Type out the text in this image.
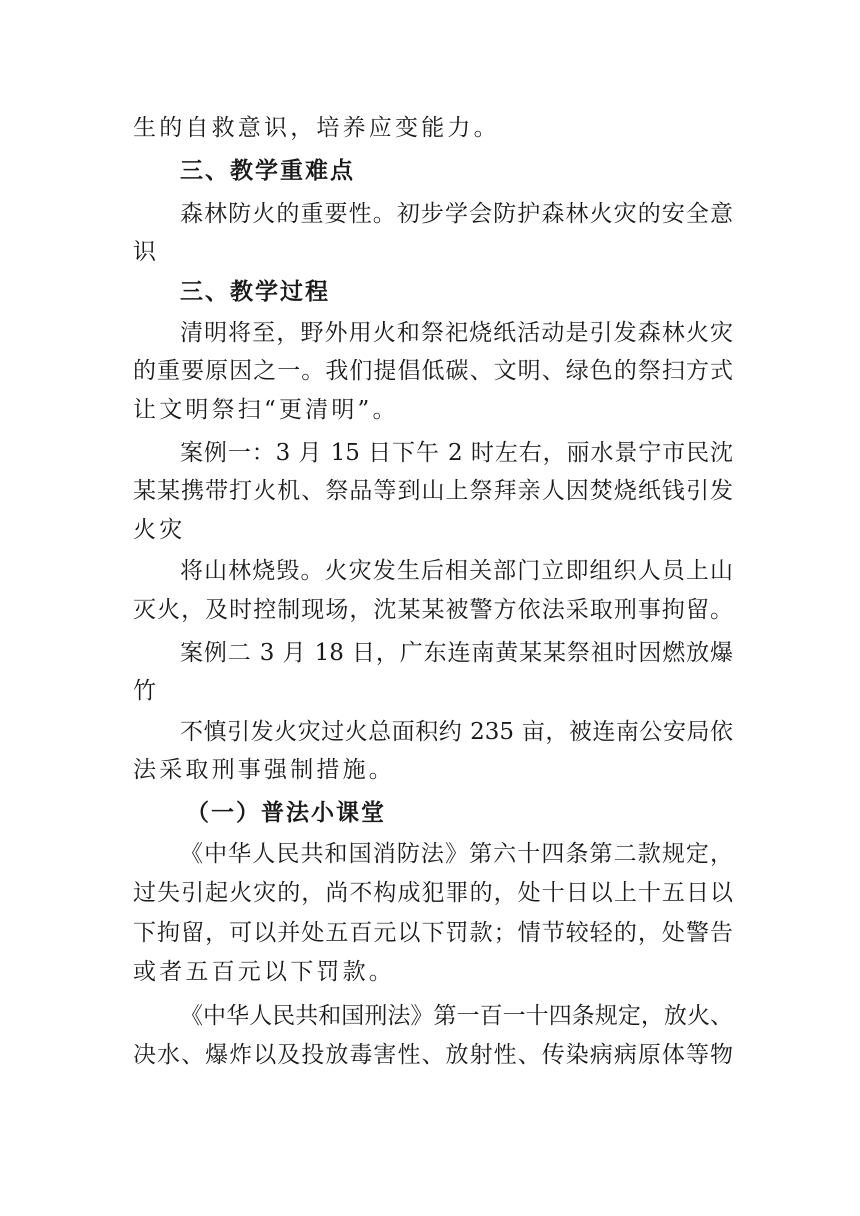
生的自救意识，培养应变能力。
三、教学重难点
森林防火的重要性。初步学会防护森林火灾的安全意
识
三、教学过程
清明将至，野外用火和祭祀烧纸活动是引发森林火灾
的重要原因之一。我们提倡低碳、文明、绿色的祭扫方式
让文明祭扫“更清明”。
案例一：3 月 15 日下午 2 时左右，丽水景宁市民沈
某某携带打火机、祭品等到山上祭拜亲人因焚烧纸钱引发
火灾
将山林烧毁。火灾发生后相关部门立即组织人员上山
灭火，及时控制现场，沈某某被警方依法采取刑事拘留。
案例二 3 月 18 日，广东连南黄某某祭祖时因燃放爆
竹
不慎引发火灾过火总面积约 235 亩，被连南公安局依
法采取刑事强制措施。
（一）普法小课堂
《中华人民共和国消防法》第六十四条第二款规定，
过失引起火灾的，尚不构成犯罪的，处十日以上十五日以
下拘留，可以并处五百元以下罚款；情节较轻的，处警告
或者五百元以下罚款。
《中华人民共和国刑法》第一百一十四条规定，放火、
决水、爆炸以及投放毒害性、放射性、传染病病原体等物
